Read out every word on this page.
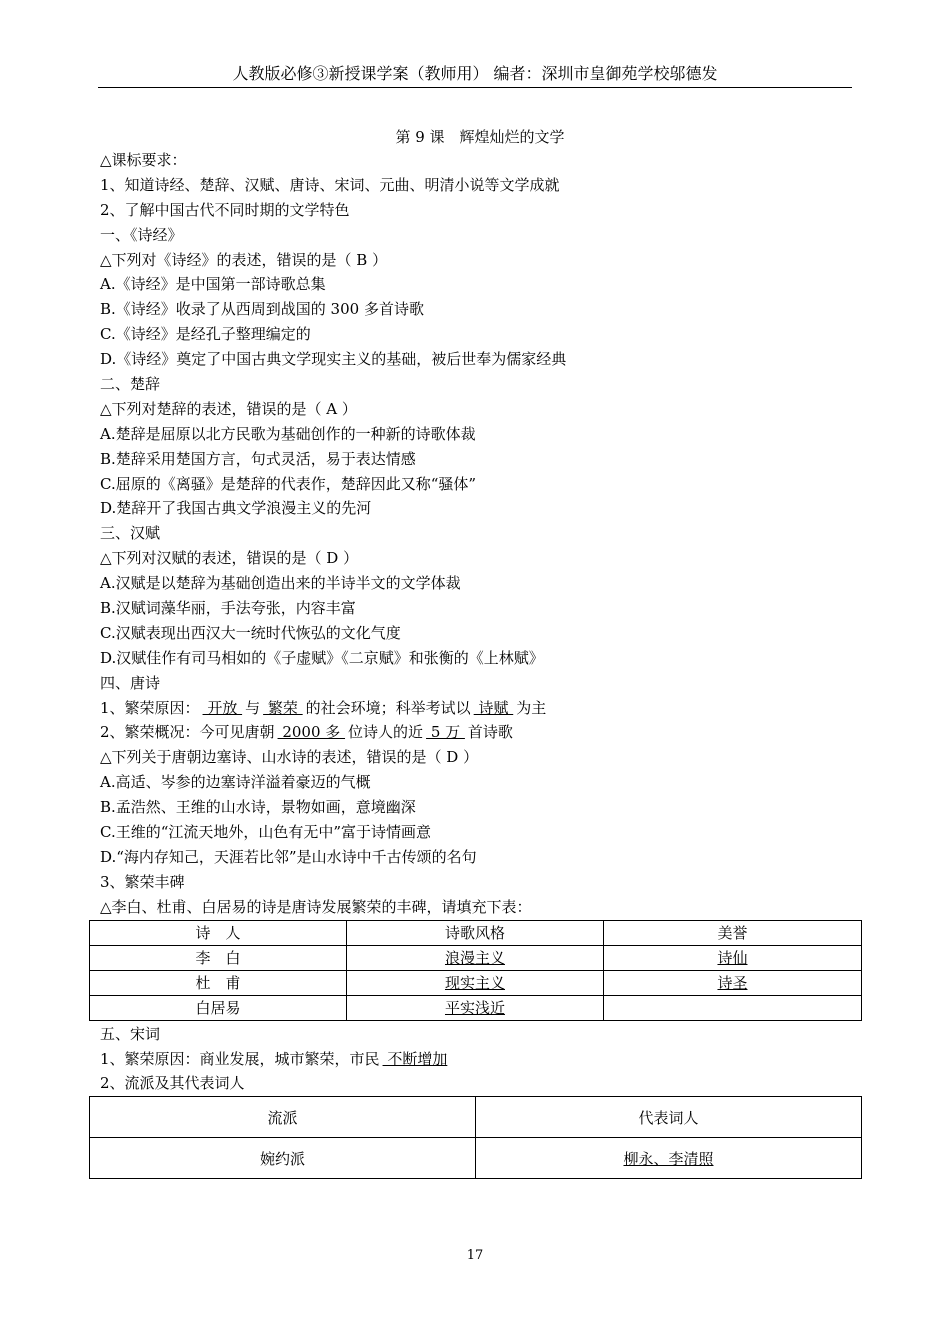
人教版必修③新授课学案（教师用） 编者：深圳市皇御苑学校邬德发
第 9 课　辉煌灿烂的文学
△课标要求：
1、知道诗经、楚辞、汉赋、唐诗、宋词、元曲、明清小说等文学成就
2、了解中国古代不同时期的文学特色
一、《诗经》
△下列对《诗经》的表述，错误的是（ B ）
A.《诗经》是中国第一部诗歌总集
B.《诗经》收录了从西周到战国的 300 多首诗歌
C.《诗经》是经孔子整理编定的
D.《诗经》奠定了中国古典文学现实主义的基础，被后世奉为儒家经典
二、楚辞
△下列对楚辞的表述，错误的是（ A ）
A.楚辞是屈原以北方民歌为基础创作的一种新的诗歌体裁
B.楚辞采用楚国方言，句式灵活，易于表达情感
C.屈原的《离骚》是楚辞的代表作，楚辞因此又称“骚体”
D.楚辞开了我国古典文学浪漫主义的先河
三、汉赋
△下列对汉赋的表述，错误的是（ D ）
A.汉赋是以楚辞为基础创造出来的半诗半文的文学体裁
B.汉赋词藻华丽，手法夸张，内容丰富
C.汉赋表现出西汉大一统时代恢弘的文化气度
D.汉赋佳作有司马相如的《子虚赋》《二京赋》和张衡的《上林赋》
四、唐诗
1、繁荣原因： 开放 与 繁荣 的社会环境；科举考试以 诗赋 为主
2、繁荣概况：今可见唐朝 2000 多 位诗人的近 5 万 首诗歌
△下列关于唐朝边塞诗、山水诗的表述，错误的是（ D ）
A.高适、岑参的边塞诗洋溢着豪迈的气概
B.孟浩然、王维的山水诗，景物如画，意境幽深
C.王维的“江流天地外，山色有无中”富于诗情画意
D.“海内存知己，天涯若比邻”是山水诗中千古传颂的名句
3、繁荣丰碑
△李白、杜甫、白居易的诗是唐诗发展繁荣的丰碑，请填充下表：
诗　人	诗歌风格	美誉
李　白	浪漫主义	诗仙
杜　甫	现实主义	诗圣
白居易	平实浅近	
五、宋词
1、繁荣原因：商业发展，城市繁荣，市民 不断增加
2、流派及其代表词人
流派	代表词人
婉约派	柳永、李清照
17
